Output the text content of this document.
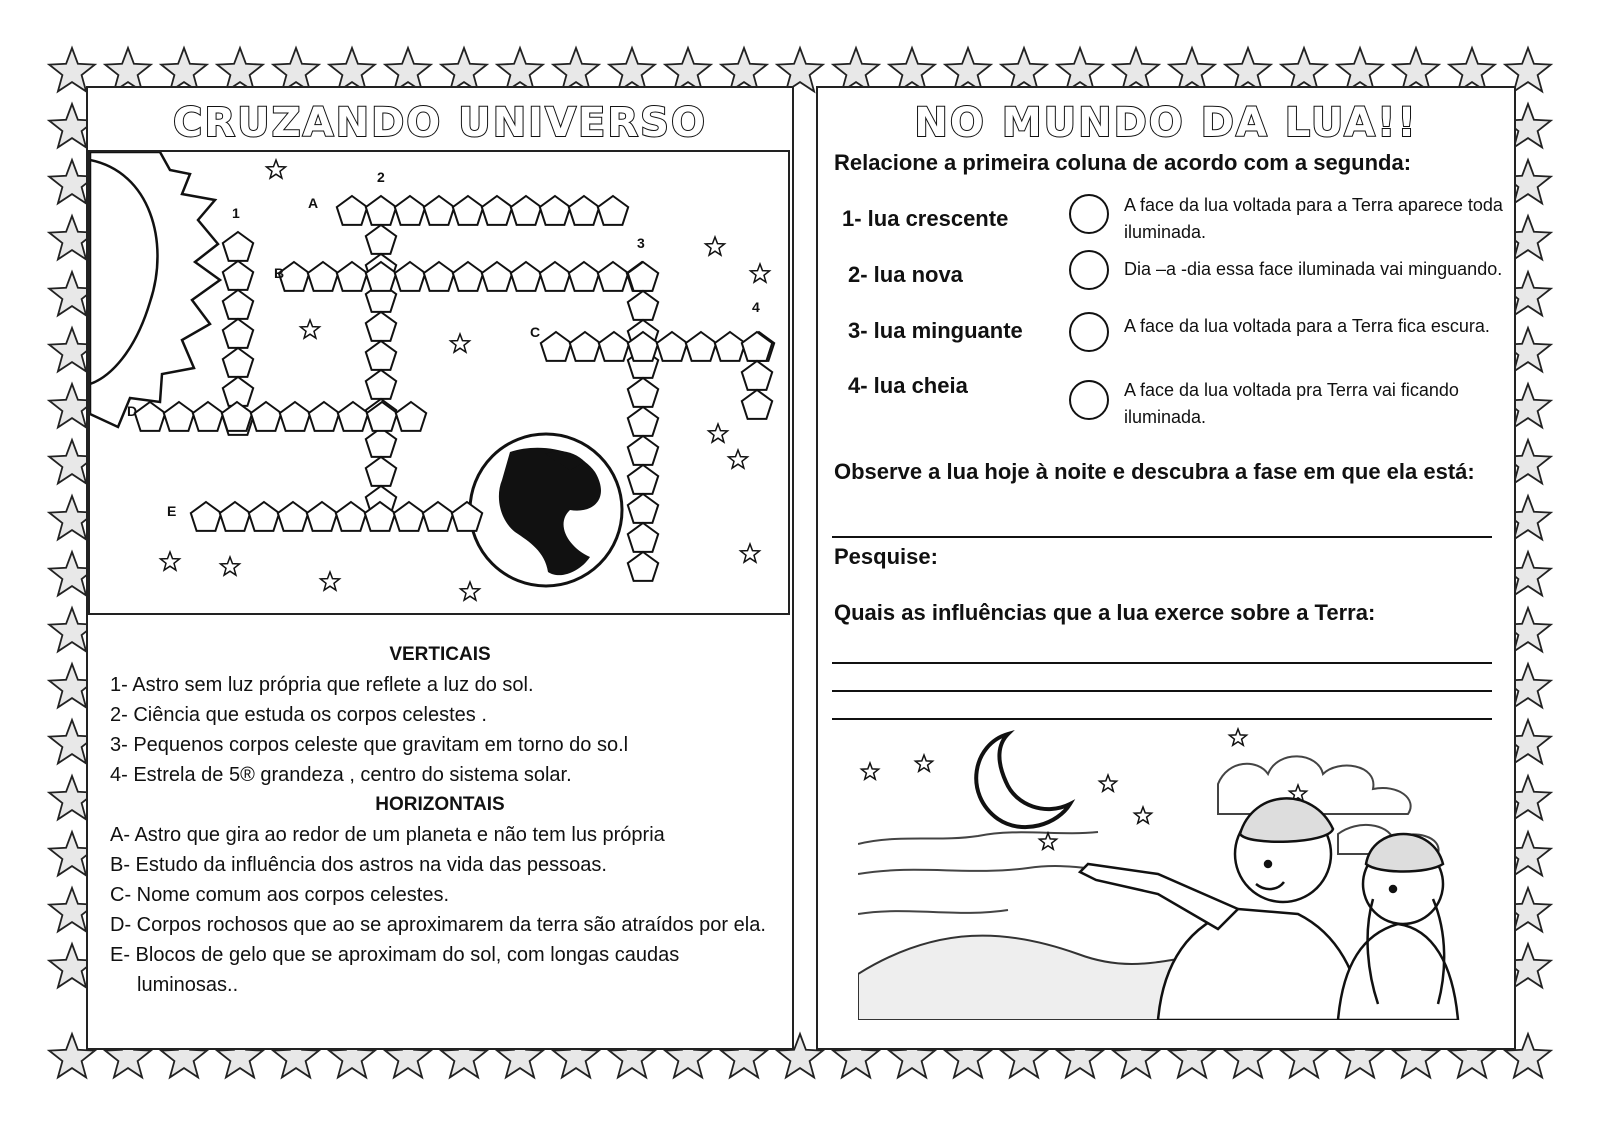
CRUZANDO UNIVERSO
1
2
3
4
A
B
C
D
E
VERTICAIS
1- Astro sem luz própria que reflete a luz do sol.
2- Ciência que estuda os corpos celestes .
3- Pequenos corpos celeste que gravitam em torno do so.l
4- Estrela de 5® grandeza , centro do sistema solar.
HORIZONTAIS
A- Astro que gira ao redor de um planeta e não tem lus própria
B- Estudo da influência dos astros na vida das pessoas.
C- Nome comum aos corpos celestes.
D- Corpos rochosos que ao se aproximarem da terra são atraídos por ela.
E- Blocos de gelo que se aproximam do sol, com longas caudas luminosas..
NO MUNDO DA LUA!!
Relacione a primeira coluna de acordo com a segunda:
1- lua crescente
2- lua nova
3- lua minguante
4- lua cheia
A face da lua voltada para a Terra aparece toda iluminada.
Dia –a -dia essa face iluminada vai minguando.
A face da lua voltada para a Terra fica escura.
A face da lua voltada pra Terra vai ficando iluminada.
Observe a lua hoje à noite e descubra a fase em que ela está:
Pesquise:
Quais as influências que a lua exerce sobre a Terra:
